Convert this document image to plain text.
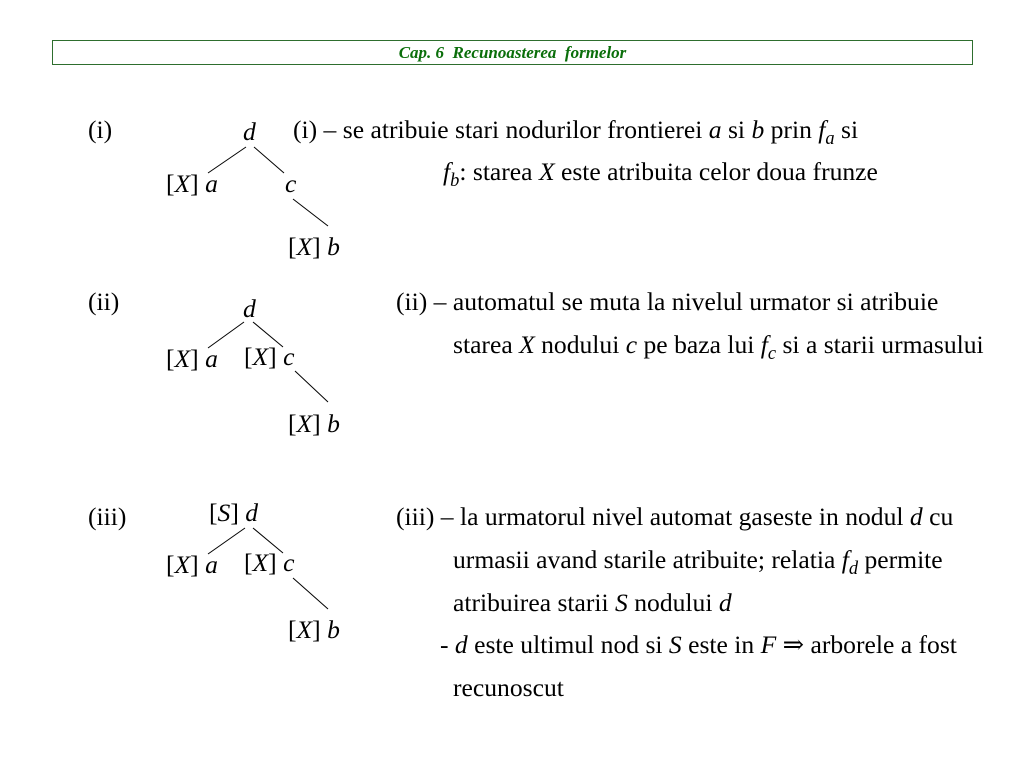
Cap. 6  Recunoasterea  formelor
(i)	d
[X] a	c
[X] b
(i) – se atribuie stari nodurilor frontierei a si b prin $f_a$ si
$f_b$: starea X este atribuita celor doua frunze
(ii)	d
[X] a [X] c
[X] b
(ii) – automatul se muta la nivelul urmator si atribuie
starea X nodului c pe baza lui $f_c$ si a starii urmasului
(iii)	[S] d
[X] a [X] c
[X] b
(iii) – la urmatorul nivel automat gaseste in nodul d cu
urmasii avand starile atribuite; relatia $f_d$ permite
atribuirea starii S nodului d
- d este ultimul nod si S este in F ⇒ arborele a fost
recunoscut
